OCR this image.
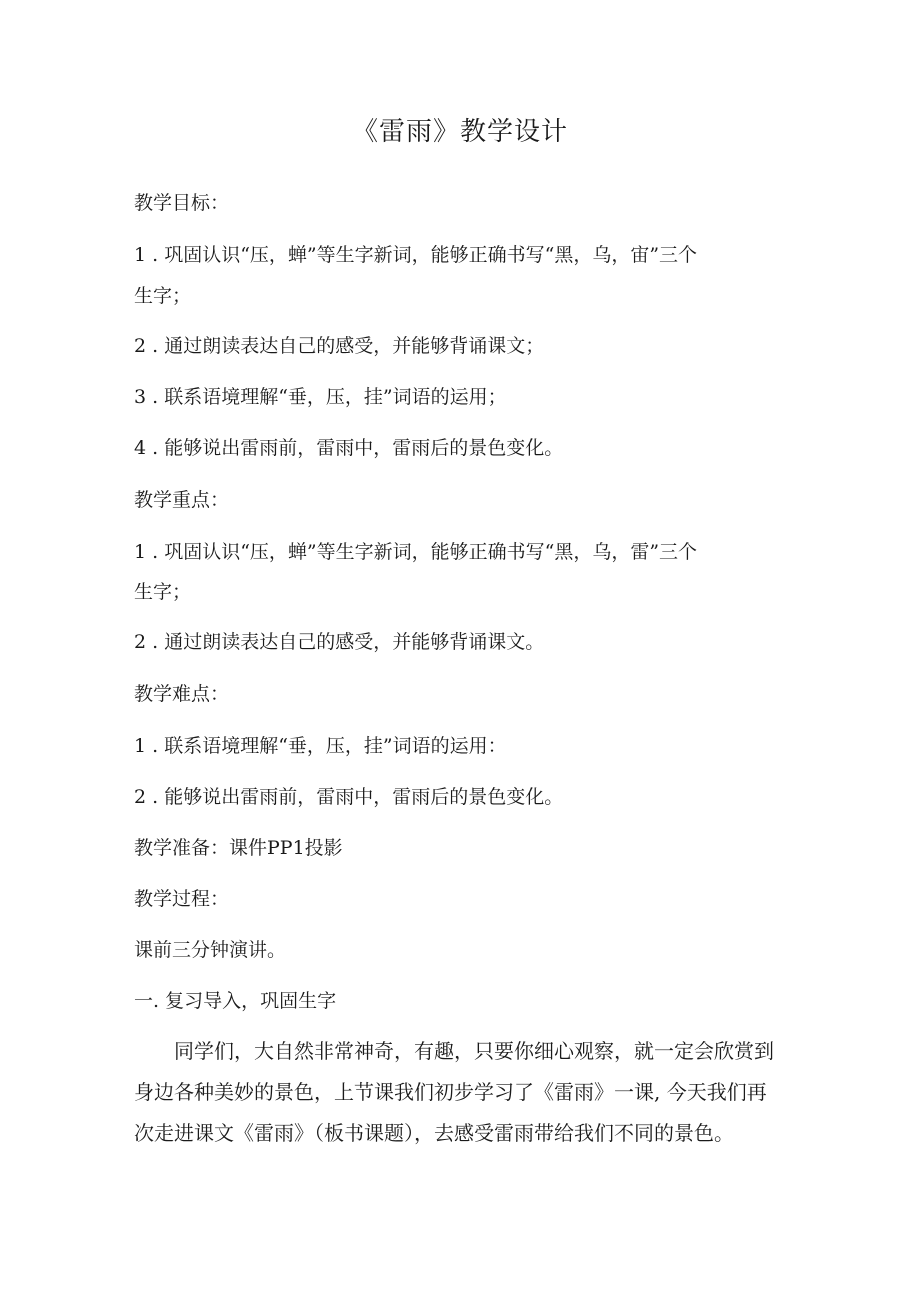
《雷雨》教学设计
教学目标：
1 . 巩固认识“压，蝉”等生字新词，能够正确书写“黑，乌，宙”三个
生字；
2 . 通过朗读表达自己的感受，并能够背诵课文；
3 . 联系语境理解“垂，压，挂”词语的运用；
4 . 能够说出雷雨前，雷雨中，雷雨后的景色变化。
教学重点：
1 . 巩固认识“压，蝉”等生字新词，能够正确书写“黑，乌，雷”三个
生字；
2 . 通过朗读表达自己的感受，并能够背诵课文。
教学难点：
1 . 联系语境理解“垂，压，挂”词语的运用：
2 . 能够说出雷雨前，雷雨中，雷雨后的景色变化。
教学准备：课件PP1投影
教学过程：
课前三分钟演讲。
一. 复习导入，巩固生字
　　同学们，大自然非常神奇，有趣，只要你细心观察，就一定会欣赏到
身边各种美妙的景色，上节课我们初步学习了《雷雨》一课, 今天我们再
次走进课文《雷雨》（板书课题），去感受雷雨带给我们不同的景色。
